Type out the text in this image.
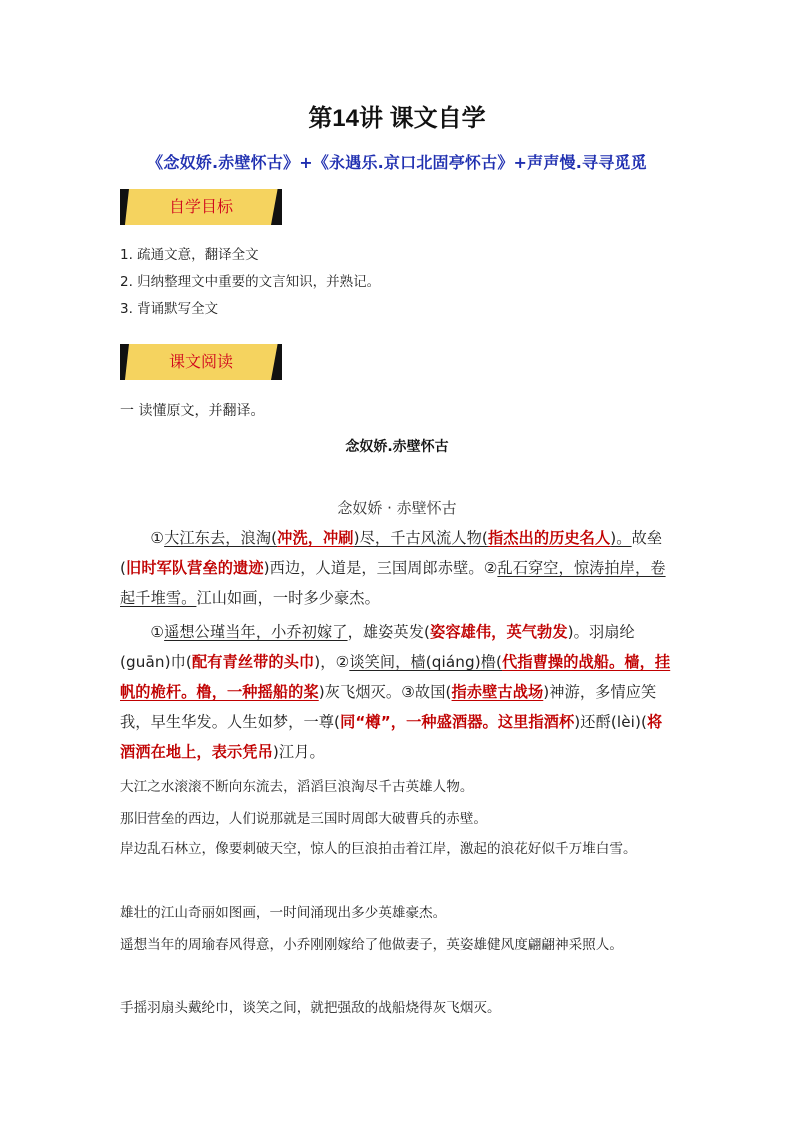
第14讲 课文自学
《念奴娇.赤壁怀古》+《永遇乐.京口北固亭怀古》+声声慢.寻寻觅觅
自学目标
1. 疏通文意，翻译全文
2. 归纳整理文中重要的文言知识，并熟记。
3. 背诵默写全文
课文阅读
一 读懂原文，并翻译。
念奴娇.赤壁怀古
念奴娇 · 赤壁怀古

①大江东去，浪淘(冲洗，冲刷)尽，千古风流人物(指杰出的历史名人)。故垒(旧时军队营垒的遗迹)西边，人道是，三国周郎赤壁。②乱石穿空，惊涛拍岸，卷起千堆雪。江山如画，一时多少豪杰。

①遥想公瑾当年，小乔初嫁了，雄姿英发(姿容雄伟，英气勃发)。羽扇纶(guān)巾(配有青丝带的头巾)，②谈笑间，樯(qiáng)橹(代指曹操的战船。樯，挂帆的桅杆。橹，一种摇船的桨)灰飞烟灭。③故国(指赤壁古战场)神游，多情应笑我，早生华发。人生如梦，一尊(同“樽”，一种盛酒器。这里指酒杯)还酹(lèi)(将酒洒在地上，表示凭吊)江月。

大江之水滚滚不断向东流去，滔滔巨浪淘尽千古英雄人物。

那旧营垒的西边，人们说那就是三国时周郎大破曹兵的赤壁。

岸边乱石林立，像要刺破天空，惊人的巨浪拍击着江岸，激起的浪花好似千万堆白雪。

雄壮的江山奇丽如图画，一时间涌现出多少英雄豪杰。

遥想当年的周瑜春风得意，小乔刚刚嫁给了他做妻子，英姿雄健风度翩翩神采照人。

手摇羽扇头戴纶巾，谈笑之间，就把强敌的战船烧得灰飞烟灭。
